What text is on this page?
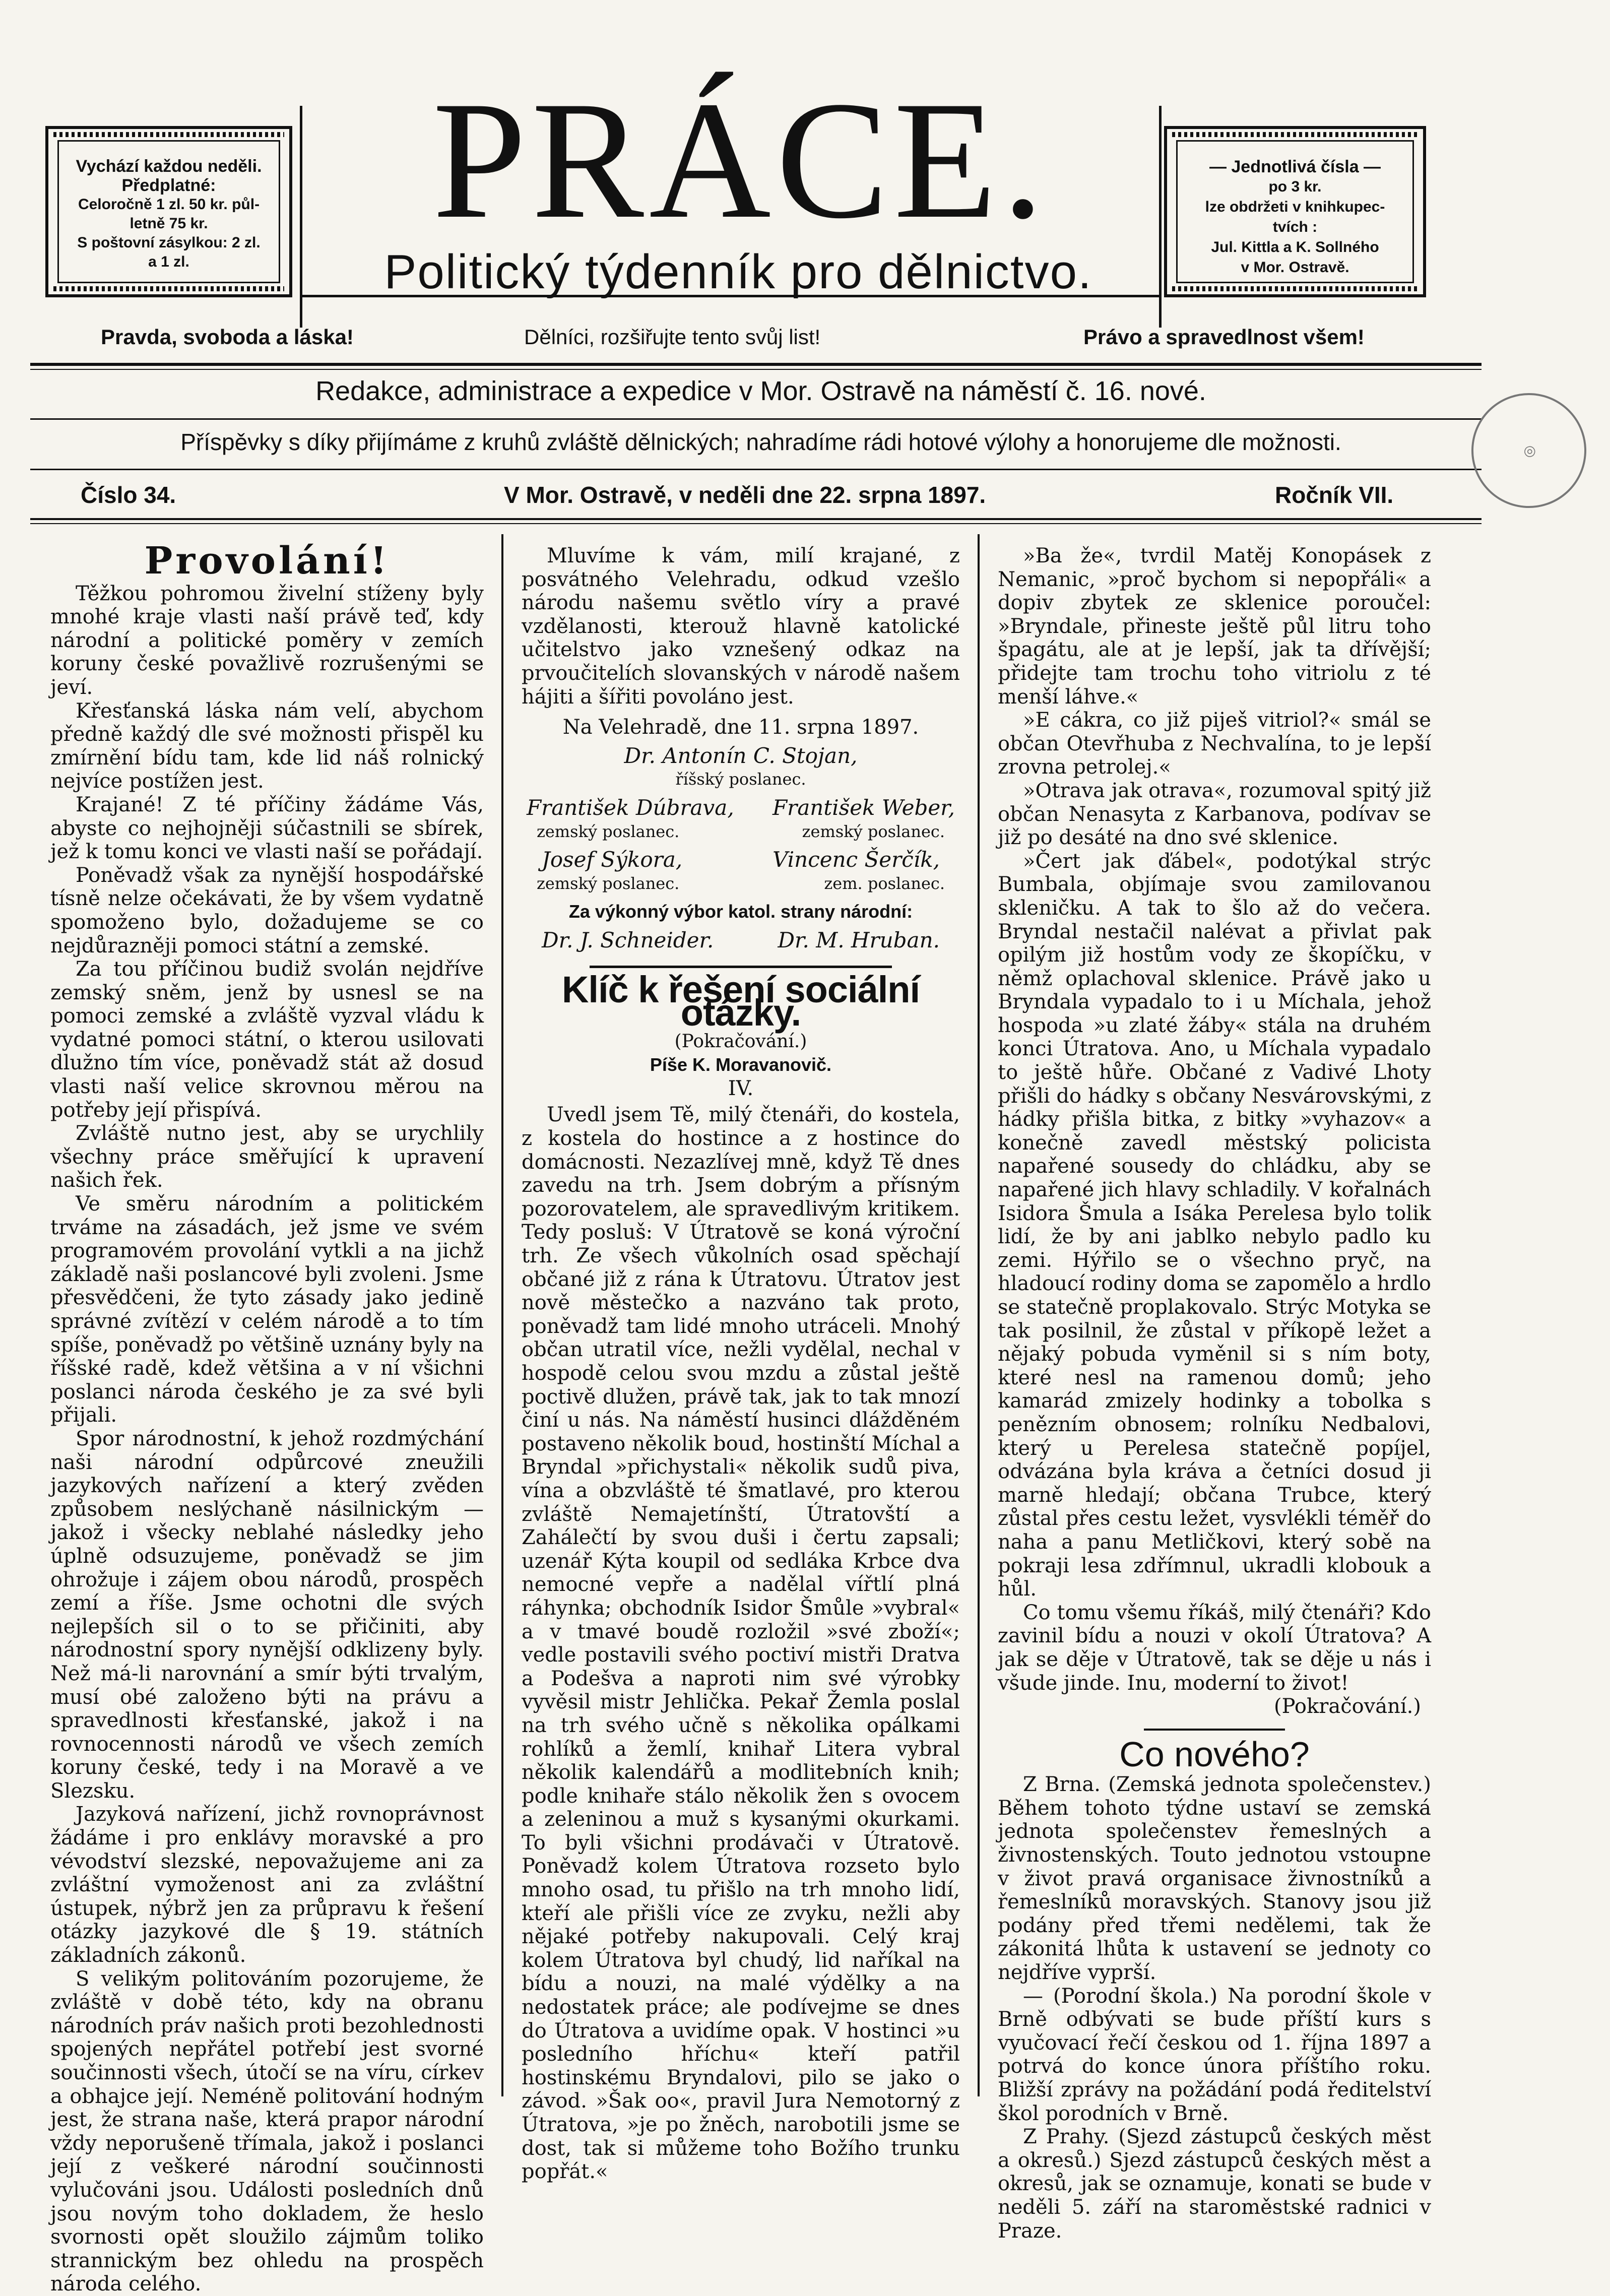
Vychází každou neděli.
Předplatné:
Celoročně 1 zl. 50 kr. půl-
letně 75 kr.
S poštovní zásylkou: 2 zl.
a 1 zl.
PRÁCE.
Politický týdenník pro dělnictvo.
— Jednotlivá čísla —
po 3 kr.
lze obdržeti v knihkupec-
tvích :
Jul. Kittla a K. Sollného
v Mor. Ostravě.
Pravda, svoboda a láska!	Dělníci, rozšiřujte tento svůj list!	Právo a spravedlnost všem!
Redakce, administrace a expedice v Mor. Ostravě na náměstí č. 16. nové.
Příspěvky s díky přijímáme z kruhů zvláště dělnických; nahradíme rádi hotové výlohy a honorujeme dle možnosti.
Číslo 34.	V Mor. Ostravě, v neděli dne 22. srpna 1897.	Ročník VII.
◎
Provolání!

Těžkou pohromou živelní stíženy byly mnohé kraje vlasti naší právě teď, kdy národní a politické poměry v zemích koruny české považlivě rozrušenými se jeví.

Křesťanská láska nám velí, abychom předně každý dle své možnosti přispěl ku zmírnění bídu tam, kde lid náš rolnický nejvíce postížen jest.

Krajané! Z té příčiny žádáme Vás, abyste co nejhojněji súčastnili se sbírek, jež k tomu konci ve vlasti naší se pořádají.

Poněvadž však za nynější hospodářské tísně nelze očekávati, že by všem vydatně spomoženo bylo, dožadujeme se co nejdůrazněji pomoci státní a zemské.

Za tou příčinou budiž svolán nejdříve zemský sněm, jenž by usnesl se na pomoci zemské a zvláště vyzval vládu k vydatné pomoci státní, o kterou usilovati dlužno tím více, poněvadž stát až dosud vlasti naší velice skrovnou měrou na potřeby její přispívá.

Zvláště nutno jest, aby se urychlily všechny práce směřující k upravení našich řek.

Ve směru národním a politickém trváme na zásadách, jež jsme ve svém programovém provolání vytkli a na jichž základě naši poslancové byli zvoleni. Jsme přesvědčeni, že tyto zásady jako jedině správné zvítězí v celém národě a to tím spíše, poněvadž po většině uznány byly na říšské radě, kdež většina a v ní všichni poslanci národa českého je za své byli přijali.

Spor národnostní, k jehož rozdmýchání naši národní odpůrcové zneužili jazykových nařízení a který zvěden způsobem neslýchaně násilnickým — jakož i všecky neblahé následky jeho úplně odsuzujeme, poněvadž se jim ohrožuje i zájem obou národů, prospěch zemí a říše. Jsme ochotni dle svých nejlepších sil o to se přičiniti, aby národnostní spory nynější odklizeny byly. Než má-li narovnání a smír býti trvalým, musí obé založeno býti na právu a spravedlnosti křesťanské, jakož i na rovnocennosti národů ve všech zemích koruny české, tedy i na Moravě a ve Slezsku.

Jazyková nařízení, jichž rovnoprávnost žádáme i pro enklávy moravské a pro vévodství slezské, nepovažujeme ani za zvláštní vymoženost ani za zvláštní ústupek, nýbrž jen za průpravu k řešení otázky jazykové dle § 19. státních základních zákonů.

S velikým politováním pozorujeme, že zvláště v době této, kdy na obranu národních práv našich proti bezohlednosti spojených nepřátel potřebí jest svorné součinnosti všech, útočí se na víru, církev a obhajce její. Neméně politování hodným jest, že strana naše, která prapor národní vždy neporušeně třímala, jakož i poslanci její z veškeré národní součinnosti vylučováni jsou. Události posledních dnů jsou novým toho dokladem, že heslo svornosti opět sloužilo zájmům toliko strannickým bez ohledu na prospěch národa celého.

Mluvíme k vám, milí krajané, z posvátného Velehradu, odkud vzešlo národu našemu světlo víry a pravé vzdělanosti, kterouž hlavně katolické učitelstvo jako vznešený odkaz na prvoučitelích slovanských v národě našem hájiti a šířiti povoláno jest.

Na Velehradě, dne 11. srpna 1897.

Dr. Antonín C. Stojan,
říšský poslanec.
František Dúbrava, František Weber,
zemský poslanec.	zemský poslanec.
Josef Sýkora,	Vincenc Šerčík,
zemský poslanec.	zem. poslanec.
Za výkonný výbor katol. strany národní:
Dr. J. Schneider.	Dr. M. Hruban.
Klíč k řešení sociální otázky.
(Pokračování.)
Píše K. Moravanovič.
IV.

Uvedl jsem Tě, milý čtenáři, do kostela, z kostela do hostince a z hostince do domácnosti. Nezazlívej mně, když Tě dnes zavedu na trh. Jsem dobrým a přísným pozorovatelem, ale spravedlivým kritikem. Tedy posluš: V Útratově se koná výroční trh. Ze všech vůkolních osad spěchají občané již z rána k Útratovu. Útratov jest nově městečko a nazváno tak proto, poněvadž tam lidé mnoho utráceli. Mnohý občan utratil více, nežli vydělal, nechal v hospodě celou svou mzdu a zůstal ještě poctivě dlužen, právě tak, jak to tak mnozí činí u nás. Na náměstí husinci dlážděném postaveno několik boud, hostinští Míchal a Bryndal »přichystali« několik sudů piva, vína a obzvláště té šmatlavé, pro kterou zvláště Nemajetínští, Útratovští a Zahálečtí by svou duši i čertu zapsali; uzenář Kýta koupil od sedláka Krbce dva nemocné vepře a nadělal vířtlí plná ráhynka; obchodník Isidor Šmůle »vybral« a v tmavé boudě rozložil »své zboží«; vedle postavili svého poctiví mistři Dratva a Podešva a naproti nim své výrobky vyvěsil mistr Jehlička. Pekař Žemla poslal na trh svého učně s několika opálkami rohlíků a žemlí, knihař Litera vybral několik kalendářů a modlitebních knih; podle knihaře stálo několik žen s ovocem a zeleninou a muž s kysanými okurkami. To byli všichni prodávači v Útratově. Poněvadž kolem Útratova rozseto bylo mnoho osad, tu přišlo na trh mnoho lidí, kteří ale přišli více ze zvyku, nežli aby nějaké potřeby nakupovali. Celý kraj kolem Útratova byl chudý, lid naříkal na bídu a nouzi, na malé výdělky a na nedostatek práce; ale podívejme se dnes do Útratova a uvidíme opak. V hostinci »u posledního hříchu« kteří patřil hostinskému Bryndalovi, pilo se jako o závod. »Šak oo«, pravil Jura Nemotorný z Útratova, »je po žněch, narobotili jsme se dost, tak si můžeme toho Božího trunku popřát.«

»Ba že«, tvrdil Matěj Konopásek z Nemanic, »proč bychom si nepopřáli« a dopiv zbytek ze sklenice poroučel: »Bryndale, přineste ještě půl litru toho špagátu, ale at je lepší, jak ta dřívější; přidejte tam trochu toho vitriolu z té menší láhve.«

»E cákra, co již piješ vitriol?« smál se občan Otevřhuba z Nechvalína, to je lepší zrovna petrolej.«

»Otrava jak otrava«, rozumoval spitý již občan Nenasyta z Karbanova, podívav se již po desáté na dno své sklenice.

»Čert jak ďábel«, podotýkal strýc Bumbala, objímaje svou zamilovanou skleničku. A tak to šlo až do večera. Bryndal nestačil nalévat a přivlat pak opilým již hostům vody ze škopíčku, v němž oplachoval sklenice. Právě jako u Bryndala vypadalo to i u Míchala, jehož hospoda »u zlaté žáby« stála na druhém konci Útratova. Ano, u Míchala vypadalo to ještě hůře. Občané z Vadivé Lhoty přišli do hádky s občany Nesvárovskými, z hádky přišla bitka, z bitky »vyhazov« a konečně zavedl městský policista napařené sousedy do chládku, aby se napařené jich hlavy schladily. V kořalnách Isidora Šmula a Isáka Perelesa bylo tolik lidí, že by ani jablko nebylo padlo ku zemi. Hýřilo se o všechno pryč, na hladoucí rodiny doma se zapomělo a hrdlo se statečně proplakovalo. Strýc Motyka se tak posilnil, že zůstal v příkopě ležet a nějaký pobuda vyměnil si s ním boty, které nesl na ramenou domů; jeho kamarád zmizely hodinky a tobolka s penězním obnosem; rolníku Nedbalovi, který u Perelesa statečně popíjel, odvázána byla kráva a četníci dosud ji marně hledají; občana Trubce, který zůstal přes cestu ležet, vysvlékli téměř do naha a panu Metličkovi, který sobě na pokraji lesa zdřímnul, ukradli klobouk a hůl.

Co tomu všemu říkáš, milý čtenáři? Kdo zavinil bídu a nouzi v okolí Útratova? A jak se děje v Útratově, tak se děje u nás i všude jinde. Inu, moderní to život!

(Pokračování.)
Co nového?

Z Brna. (Zemská jednota společenstev.) Během tohoto týdne ustaví se zemská jednota společenstev řemeslných a živnostenských. Touto jednotou vstoupne v život pravá organisace živnostníků a řemeslníků moravských. Stanovy jsou již podány před třemi nedělemi, tak že zákonitá lhůta k ustavení se jednoty co nejdříve vyprší.

— (Porodní škola.) Na porodní škole v Brně odbývati se bude příští kurs s vyučovací řečí českou od 1. října 1897 a potrvá do konce února příštího roku. Bližší zprávy na požádání podá ředitelství škol porodních v Brně.

Z Prahy. (Sjezd zástupců českých měst a okresů.) Sjezd zástupců českých měst a okresů, jak se oznamuje, konati se bude v neděli 5. září na staroměstské radnici v Praze.
